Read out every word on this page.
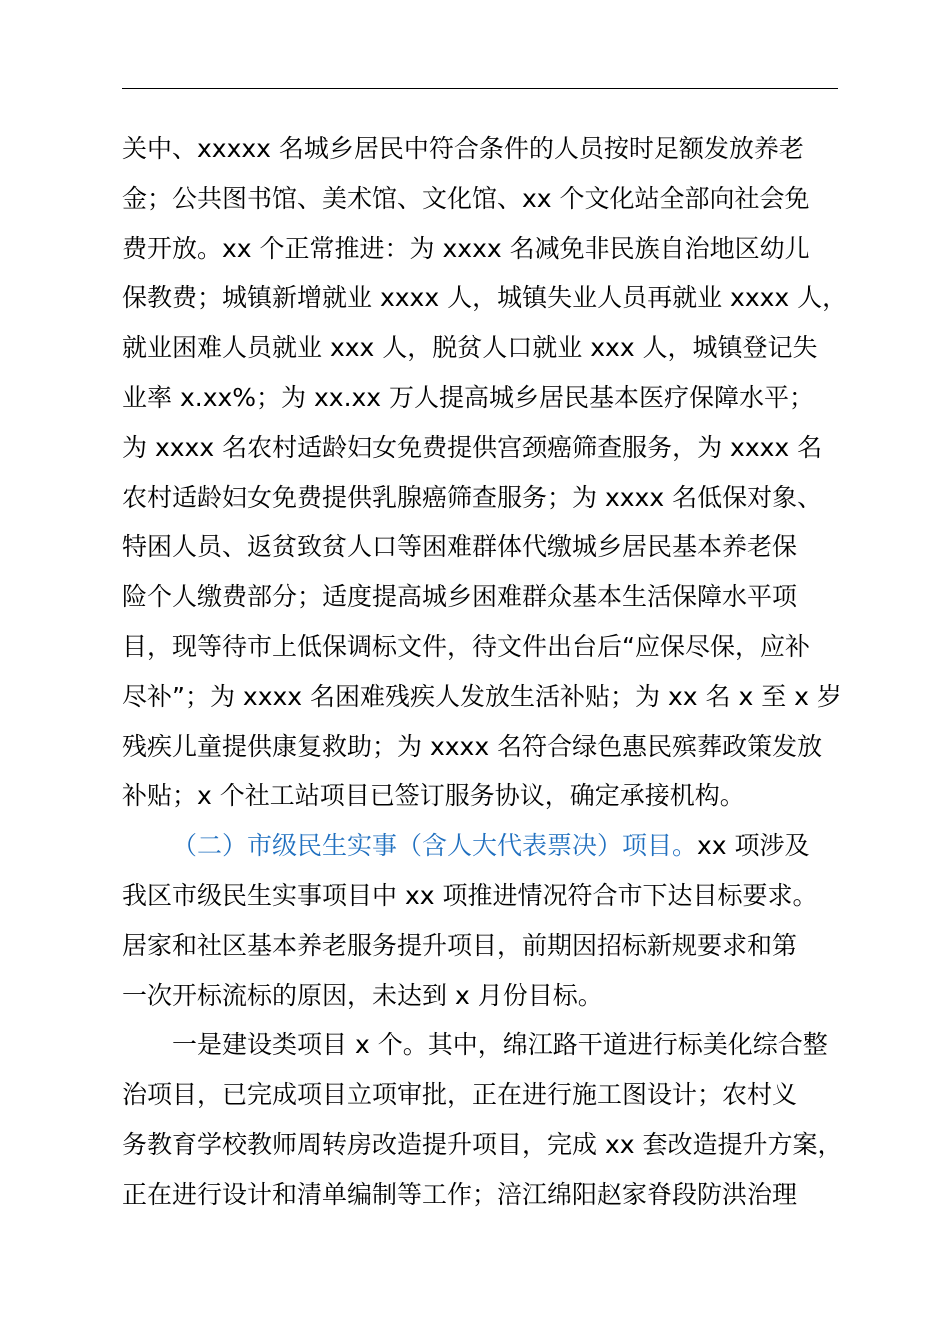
关中、xxxxx 名城乡居民中符合条件的人员按时足额发放养老
金；公共图书馆、美术馆、文化馆、xx 个文化站全部向社会免
费开放。xx 个正常推进：为 xxxx 名减免非民族自治地区幼儿
保教费；城镇新增就业 xxxx 人，城镇失业人员再就业 xxxx 人，
就业困难人员就业 xxx 人，脱贫人口就业 xxx 人，城镇登记失
业率 x.xx%；为 xx.xx 万人提高城乡居民基本医疗保障水平；
为 xxxx 名农村适龄妇女免费提供宫颈癌筛查服务，为 xxxx 名
农村适龄妇女免费提供乳腺癌筛查服务；为 xxxx 名低保对象、
特困人员、返贫致贫人口等困难群体代缴城乡居民基本养老保
险个人缴费部分；适度提高城乡困难群众基本生活保障水平项
目，现等待市上低保调标文件，待文件出台后“应保尽保，应补
尽补”；为 xxxx 名困难残疾人发放生活补贴；为 xx 名 x 至 x 岁
残疾儿童提供康复救助；为 xxxx 名符合绿色惠民殡葬政策发放
补贴；x 个社工站项目已签订服务协议，确定承接机构。
（二）市级民生实事（含人大代表票决）项目。xx 项涉及
我区市级民生实事项目中 xx 项推进情况符合市下达目标要求。
居家和社区基本养老服务提升项目，前期因招标新规要求和第
一次开标流标的原因，未达到 x 月份目标。
一是建设类项目 x 个。其中，绵江路干道进行标美化综合整
治项目，已完成项目立项审批，正在进行施工图设计；农村义
务教育学校教师周转房改造提升项目，完成 xx 套改造提升方案，
正在进行设计和清单编制等工作；涪江绵阳赵家脊段防洪治理
